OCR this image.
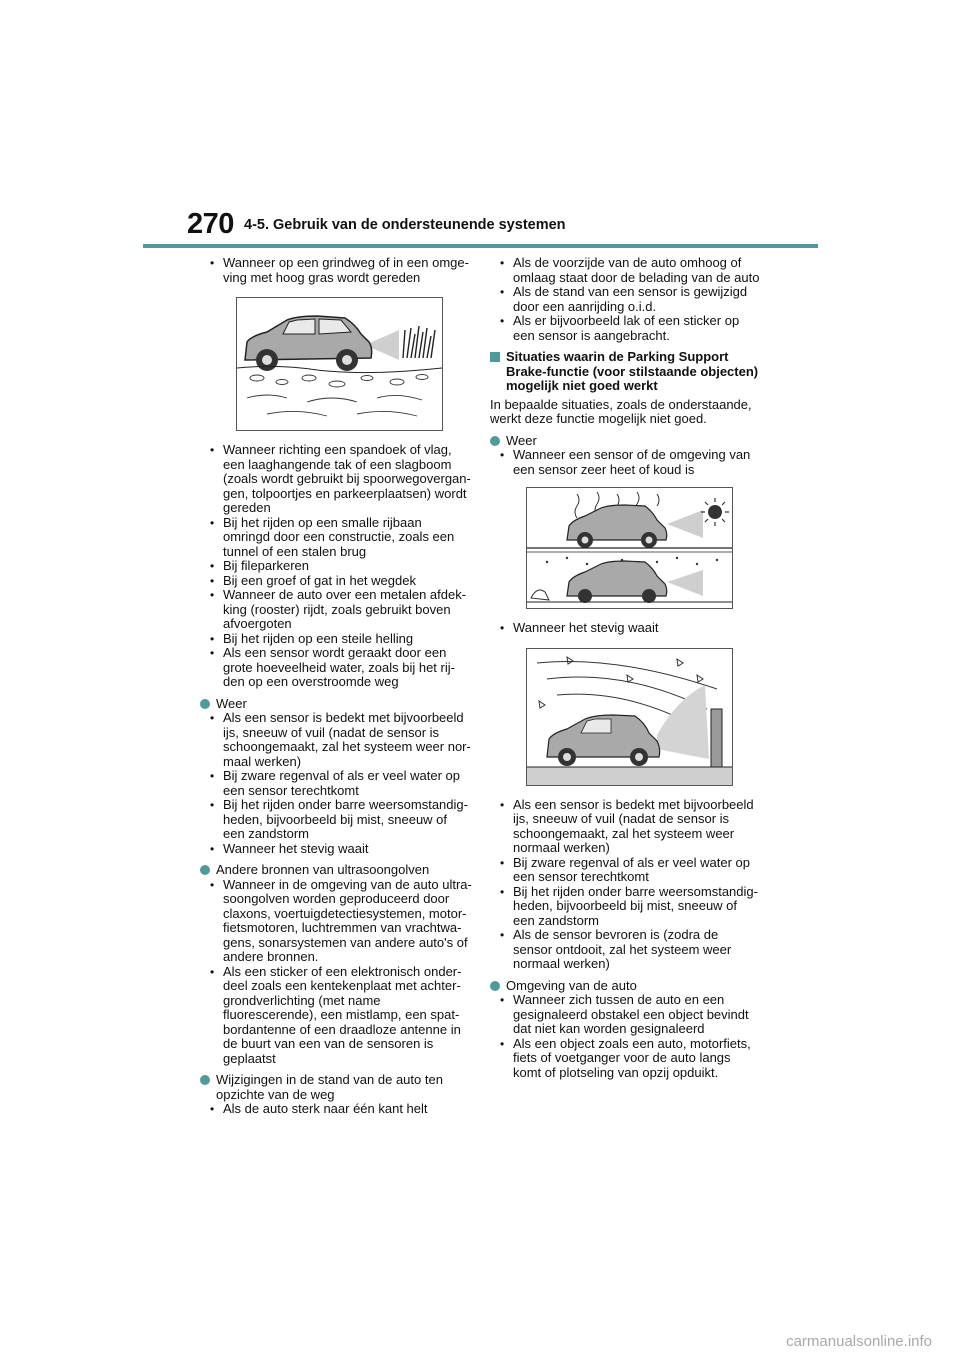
270 4-5. Gebruik van de ondersteunende systemen
• Wanneer op een grindweg of in een omgeving met hoog gras wordt gereden
• Wanneer richting een spandoek of vlag, een laaghangende tak of een slagboom (zoals wordt gebruikt bij spoorwegovergangen, tolpoortjes en parkeerplaatsen) wordt gereden
• Bij het rijden op een smalle rijbaan omringd door een constructie, zoals een tunnel of een stalen brug
• Bij fileparkeren
• Bij een groef of gat in het wegdek
• Wanneer de auto over een metalen afdekking (rooster) rijdt, zoals gebruikt boven afvoergoten
• Bij het rijden op een steile helling
• Als een sensor wordt geraakt door een grote hoeveelheid water, zoals bij het rijden op een overstroomde weg
Weer
• Als een sensor is bedekt met bijvoorbeeld ijs, sneeuw of vuil (nadat de sensor is schoongemaakt, zal het systeem weer normaal werken)
• Bij zware regenval of als er veel water op een sensor terechtkomt
• Bij het rijden onder barre weersomstandigheden, bijvoorbeeld bij mist, sneeuw of een zandstorm
• Wanneer het stevig waait
Andere bronnen van ultrasoongolven
• Wanneer in de omgeving van de auto ultrasoongolven worden geproduceerd door claxons, voertuigdetectiesystemen, motorfietsmotoren, luchtremmen van vrachtwagens, sonarsystemen van andere auto's of andere bronnen.
• Als een sticker of een elektronisch onderdeel zoals een kentekenplaat met achtergrondverlichting (met name fluorescerende), een mistlamp, een spatbordantenne of een draadloze antenne in de buurt van een van de sensoren is geplaatst
Wijzigingen in de stand van de auto ten opzichte van de weg
• Als de auto sterk naar één kant helt
• Als de voorzijde van de auto omhoog of omlaag staat door de belading van de auto
• Als de stand van een sensor is gewijzigd door een aanrijding o.i.d.
• Als er bijvoorbeeld lak of een sticker op een sensor is aangebracht.
Situaties waarin de Parking Support Brake-functie (voor stilstaande objecten) mogelijk niet goed werkt
In bepaalde situaties, zoals de onderstaande, werkt deze functie mogelijk niet goed.
Weer
• Wanneer een sensor of de omgeving van een sensor zeer heet of koud is
• Wanneer het stevig waait
• Als een sensor is bedekt met bijvoorbeeld ijs, sneeuw of vuil (nadat de sensor is schoongemaakt, zal het systeem weer normaal werken)
• Bij zware regenval of als er veel water op een sensor terechtkomt
• Bij het rijden onder barre weersomstandigheden, bijvoorbeeld bij mist, sneeuw of een zandstorm
• Als de sensor bevroren is (zodra de sensor ontdooit, zal het systeem weer normaal werken)
Omgeving van de auto
• Wanneer zich tussen de auto en een gesignaleerd obstakel een object bevindt dat niet kan worden gesignaleerd
• Als een object zoals een auto, motorfiets, fiets of voetganger voor de auto langs komt of plotseling van opzij opduikt.
carmanualsonline.info
